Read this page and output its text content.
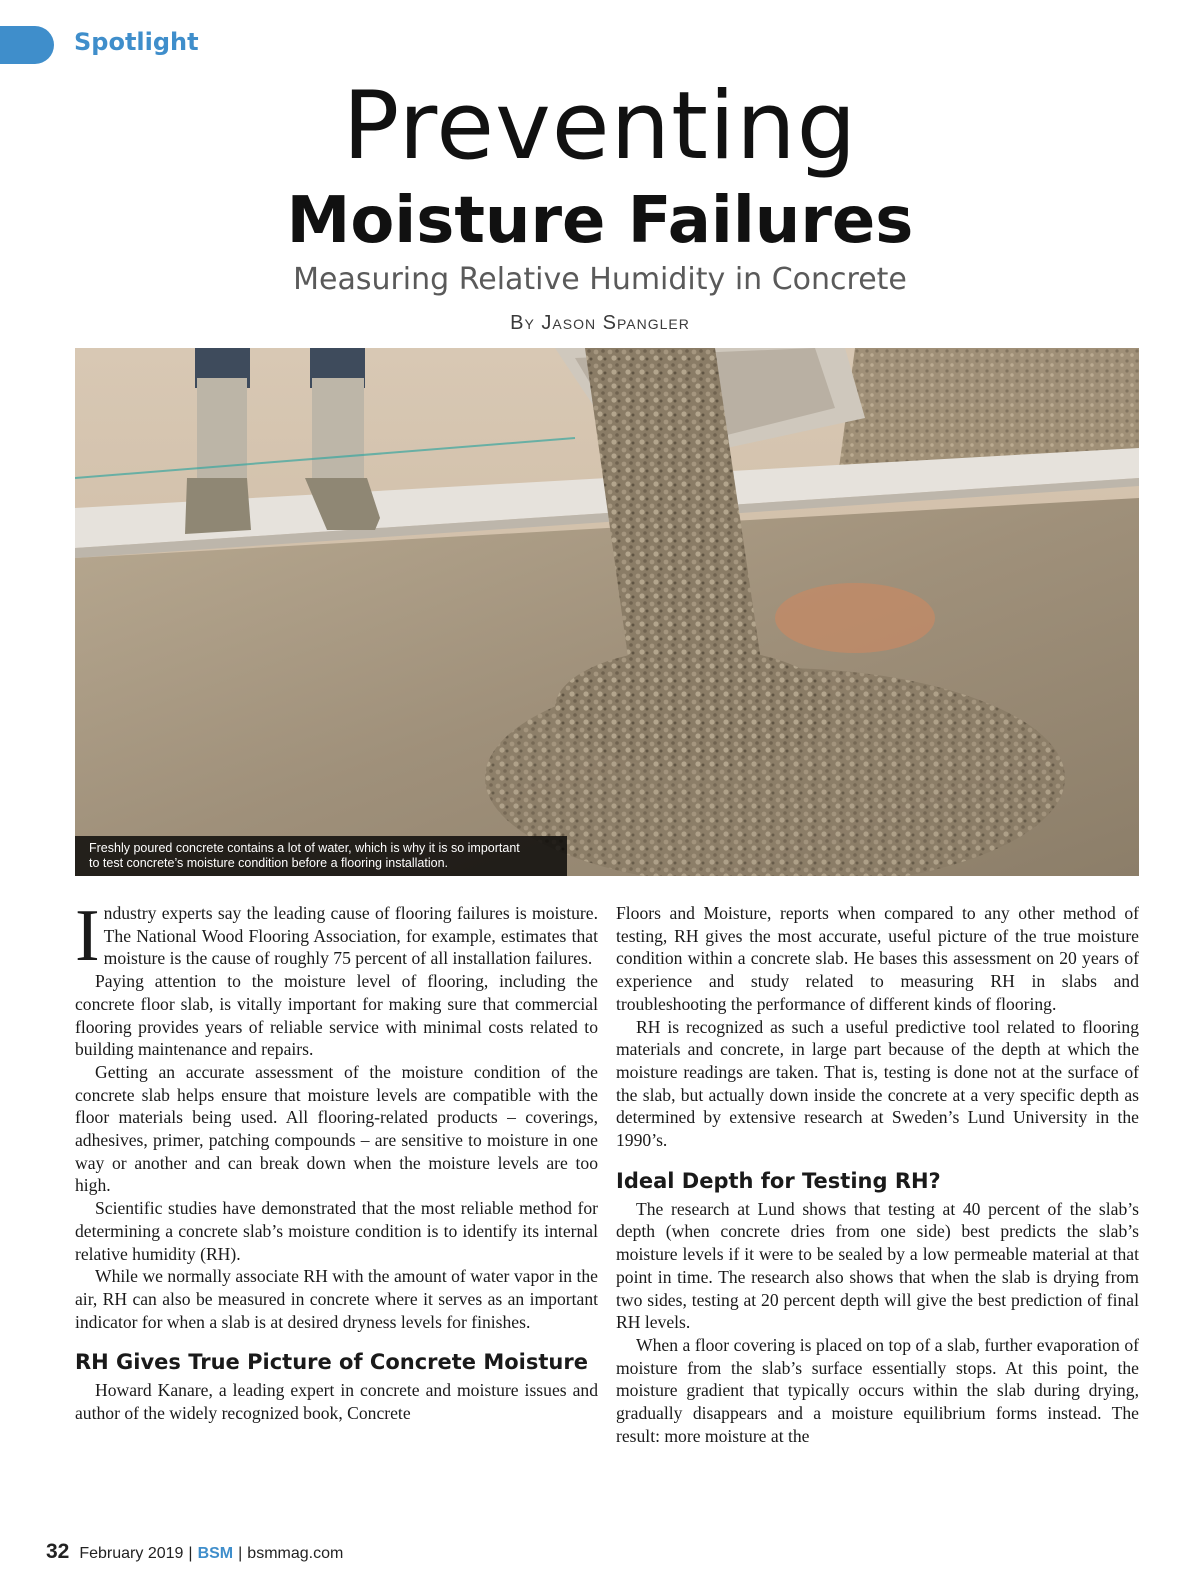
Spotlight
Preventing
Moisture Failures
Measuring Relative Humidity in Concrete
By Jason Spangler
Freshly poured concrete contains a lot of water, which is why it is so important
to test concrete’s moisture condition before a flooring installation.

Industry experts say the leading cause of flooring failures is moisture. The National Wood Flooring Association, for example, estimates that moisture is the cause of roughly 75 percent of all installation failures.

Paying attention to the moisture level of flooring, including the concrete floor slab, is vitally important for making sure that commercial flooring provides years of reliable service with minimal costs related to building maintenance and repairs.

Getting an accurate assessment of the moisture condition of the concrete slab helps ensure that moisture levels are compatible with the floor materials being used. All flooring-related products – coverings, adhesives, primer, patching compounds – are sensitive to moisture in one way or another and can break down when the moisture levels are too high.

Scientific studies have demonstrated that the most reliable method for determining a concrete slab’s moisture condition is to identify its internal relative humidity (RH).

While we normally associate RH with the amount of water vapor in the air, RH can also be measured in concrete where it serves as an important indicator for when a slab is at desired dryness levels for finishes.

RH Gives True Picture of Concrete Moisture

Howard Kanare, a leading expert in concrete and moisture issues and author of the widely recognized book, Concrete

Floors and Moisture, reports when compared to any other method of testing, RH gives the most accurate, useful picture of the true moisture condition within a concrete slab. He bases this assessment on 20 years of experience and study related to measuring RH in slabs and troubleshooting the performance of different kinds of flooring.

RH is recognized as such a useful predictive tool related to flooring materials and concrete, in large part because of the depth at which the moisture readings are taken. That is, testing is done not at the surface of the slab, but actually down inside the concrete at a very specific depth as determined by extensive research at Sweden’s Lund University in the 1990’s.

Ideal Depth for Testing RH?

The research at Lund shows that testing at 40 percent of the slab’s depth (when concrete dries from one side) best predicts the slab’s moisture levels if it were to be sealed by a low permeable material at that point in time. The research also shows that when the slab is drying from two sides, testing at 20 percent depth will give the best prediction of final RH levels.

When a floor covering is placed on top of a slab, further evaporation of moisture from the slab’s surface essentially stops. At this point, the moisture gradient that typically occurs within the slab during drying, gradually disappears and a moisture equilibrium forms instead. The result: more moisture at the

32 February 2019 | BSM | bsmmag.com
